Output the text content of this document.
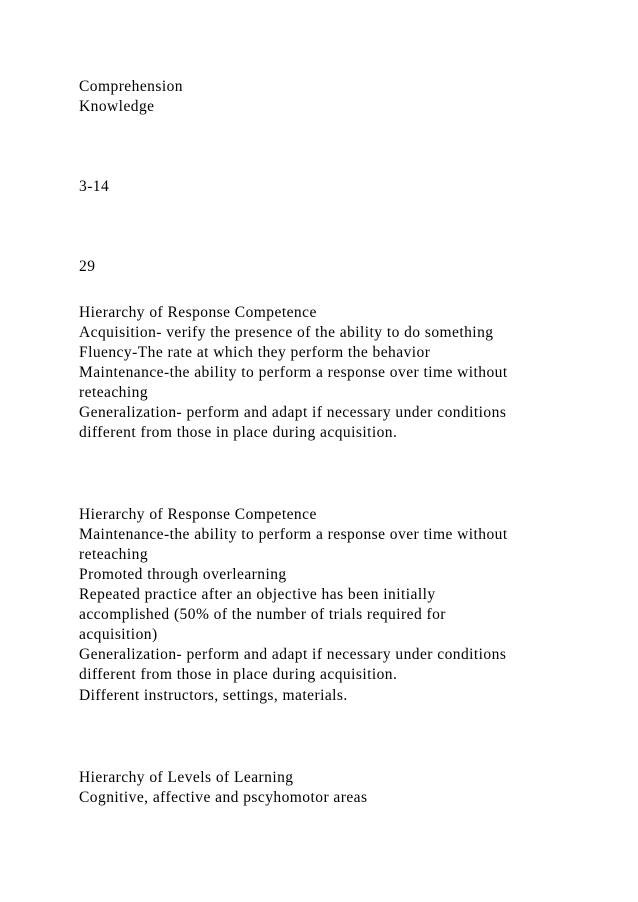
Comprehension
Knowledge
3-14
29
Hierarchy of Response Competence
Acquisition- verify the presence of the ability to do something
Fluency-The rate at which they perform the behavior
Maintenance-the ability to perform a response over time without
reteaching
Generalization- perform and adapt if necessary under conditions
different from those in place during acquisition.
Hierarchy of Response Competence
Maintenance-the ability to perform a response over time without
reteaching
Promoted through overlearning
Repeated practice after an objective has been initially
accomplished (50% of the number of trials required for
acquisition)
Generalization- perform and adapt if necessary under conditions
different from those in place during acquisition.
Different instructors, settings, materials.
Hierarchy of Levels of Learning
Cognitive, affective and pscyhomotor areas
